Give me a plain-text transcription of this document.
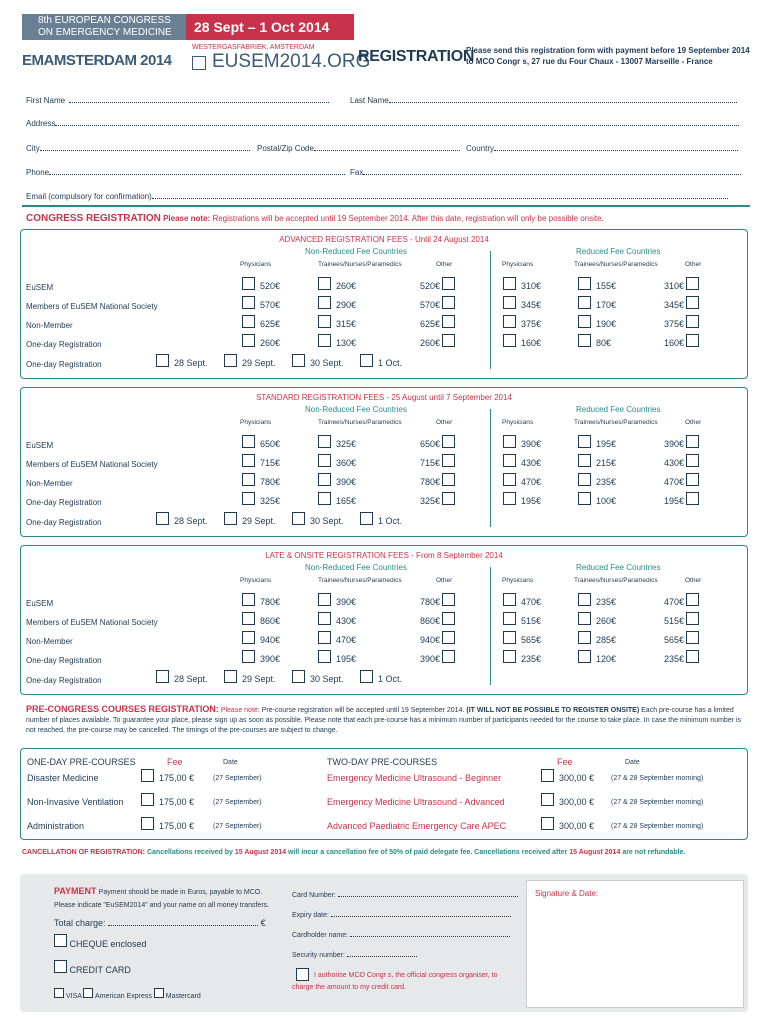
8th EUROPEAN CONGRESS
ON EMERGENCY MEDICINE	28 Sept – 1 Oct 2014
EMAMSTERDAM 2014
WESTERGASFABRIEK, AMSTERDAM
EUSEM2014.ORG
REGISTRATION
Please send this registration form with payment before 19 September 2014
to MCO Congr s, 27 rue du Four Chaux - 13007 Marseille - France
First Name	Last Name
Address
City	Postal/Zip Code	Country
Phone	Fax
Email (compulsory for confirmation)
CONGRESS REGISTRATION Please note: Registrations will be accepted until 19 September 2014. After this date, registration will only be possible onsite.
ADVANCED REGISTRATION FEES - Until 24 August 2014
Non-Reduced Fee Countries	Reduced Fee Countries
Physicians	Trainees/Nurses/Paramedics	Other	Physicians	Trainees/Nurses/Paramedics	Other
EuSEM	520€	260€	520€	310€	155€	310€
Members of EuSEM National Society	570€	290€	570€	345€	170€	345€
Non-Member	625€	315€	625€	375€	190€	375€
One-day Registration	260€	130€	260€	160€	80€	160€
One-day Registration	28 Sept.	29 Sept.	30 Sept.	1 Oct.
STANDARD REGISTRATION FEES - 25 August until 7 September 2014
Non-Reduced Fee Countries	Reduced Fee Countries
Physicians	Trainees/Nurses/Paramedics	Other	Physicians	Trainees/Nurses/Paramedics	Other
EuSEM	650€	325€	650€	390€	195€	390€
Members of EuSEM National Society	715€	360€	715€	430€	215€	430€
Non-Member	780€	390€	780€	470€	235€	470€
One-day Registration	325€	165€	325€	195€	100€	195€
One-day Registration	28 Sept.	29 Sept.	30 Sept.	1 Oct.
LATE & ONSITE REGISTRATION FEES - From 8 September 2014
Non-Reduced Fee Countries	Reduced Fee Countries
Physicians	Trainees/Nurses/Paramedics	Other	Physicians	Trainees/Nurses/Paramedics	Other
EuSEM	780€	390€	780€	470€	235€	470€
Members of EuSEM National Society	860€	430€	860€	515€	260€	515€
Non-Member	940€	470€	940€	565€	285€	565€
One-day Registration	390€	195€	390€	235€	120€	235€
One-day Registration	28 Sept.	29 Sept.	30 Sept.	1 Oct.
PRE-CONGRESS COURSES REGISTRATION: Please note: Pre-course registration will be accepted until 19 September 2014. (IT WILL NOT BE POSSIBLE TO REGISTER ONSITE) Each pre-course has a limited number of places available. To guarantee your place, please sign up as soon as possible. Please note that each pre-course has a minimum number of participants needed for the course to take place. In case the minimum number is not reached, the pre-course may be cancelled. The timings of the pre-courses are subject to change.
ONE-DAY PRE-COURSES	Fee	Date	TWO-DAY PRE-COURSES	Fee	Date
Disaster Medicine	175,00 €	(27 September)
Non-Invasive Ventilation	175,00 €	(27 September)
Administration	175,00 €	(27 September)
Emergency Medicine Ultrasound - Beginner	300,00 € (27 & 28 September morning)
Emergency Medicine Ultrasound - Advanced	300,00 € (27 & 28 September morning)
Advanced Paediatric Emergency Care APEC	300,00 € (27 & 28 September morning)
CANCELLATION OF REGISTRATION: Cancellations received by 15 August 2014 will incur a cancellation fee of 50% of paid delegate fee. Cancellations received after 15 August 2014 are not refundable.
PAYMENT Payment should be made in Euros, payable to MCO.
Please indicate "EuSEM2014" and your name on all money transfers.
Total charge:	€
CHEQUE enclosed
CREDIT CARD
VISA American Express Mastercard
Card Number:
Expiry date:
Cardholder name:
Security number:
I authorise MCO Congr s, the official congress organiser, to
charge the amount to my credit card.
Signature & Date:
